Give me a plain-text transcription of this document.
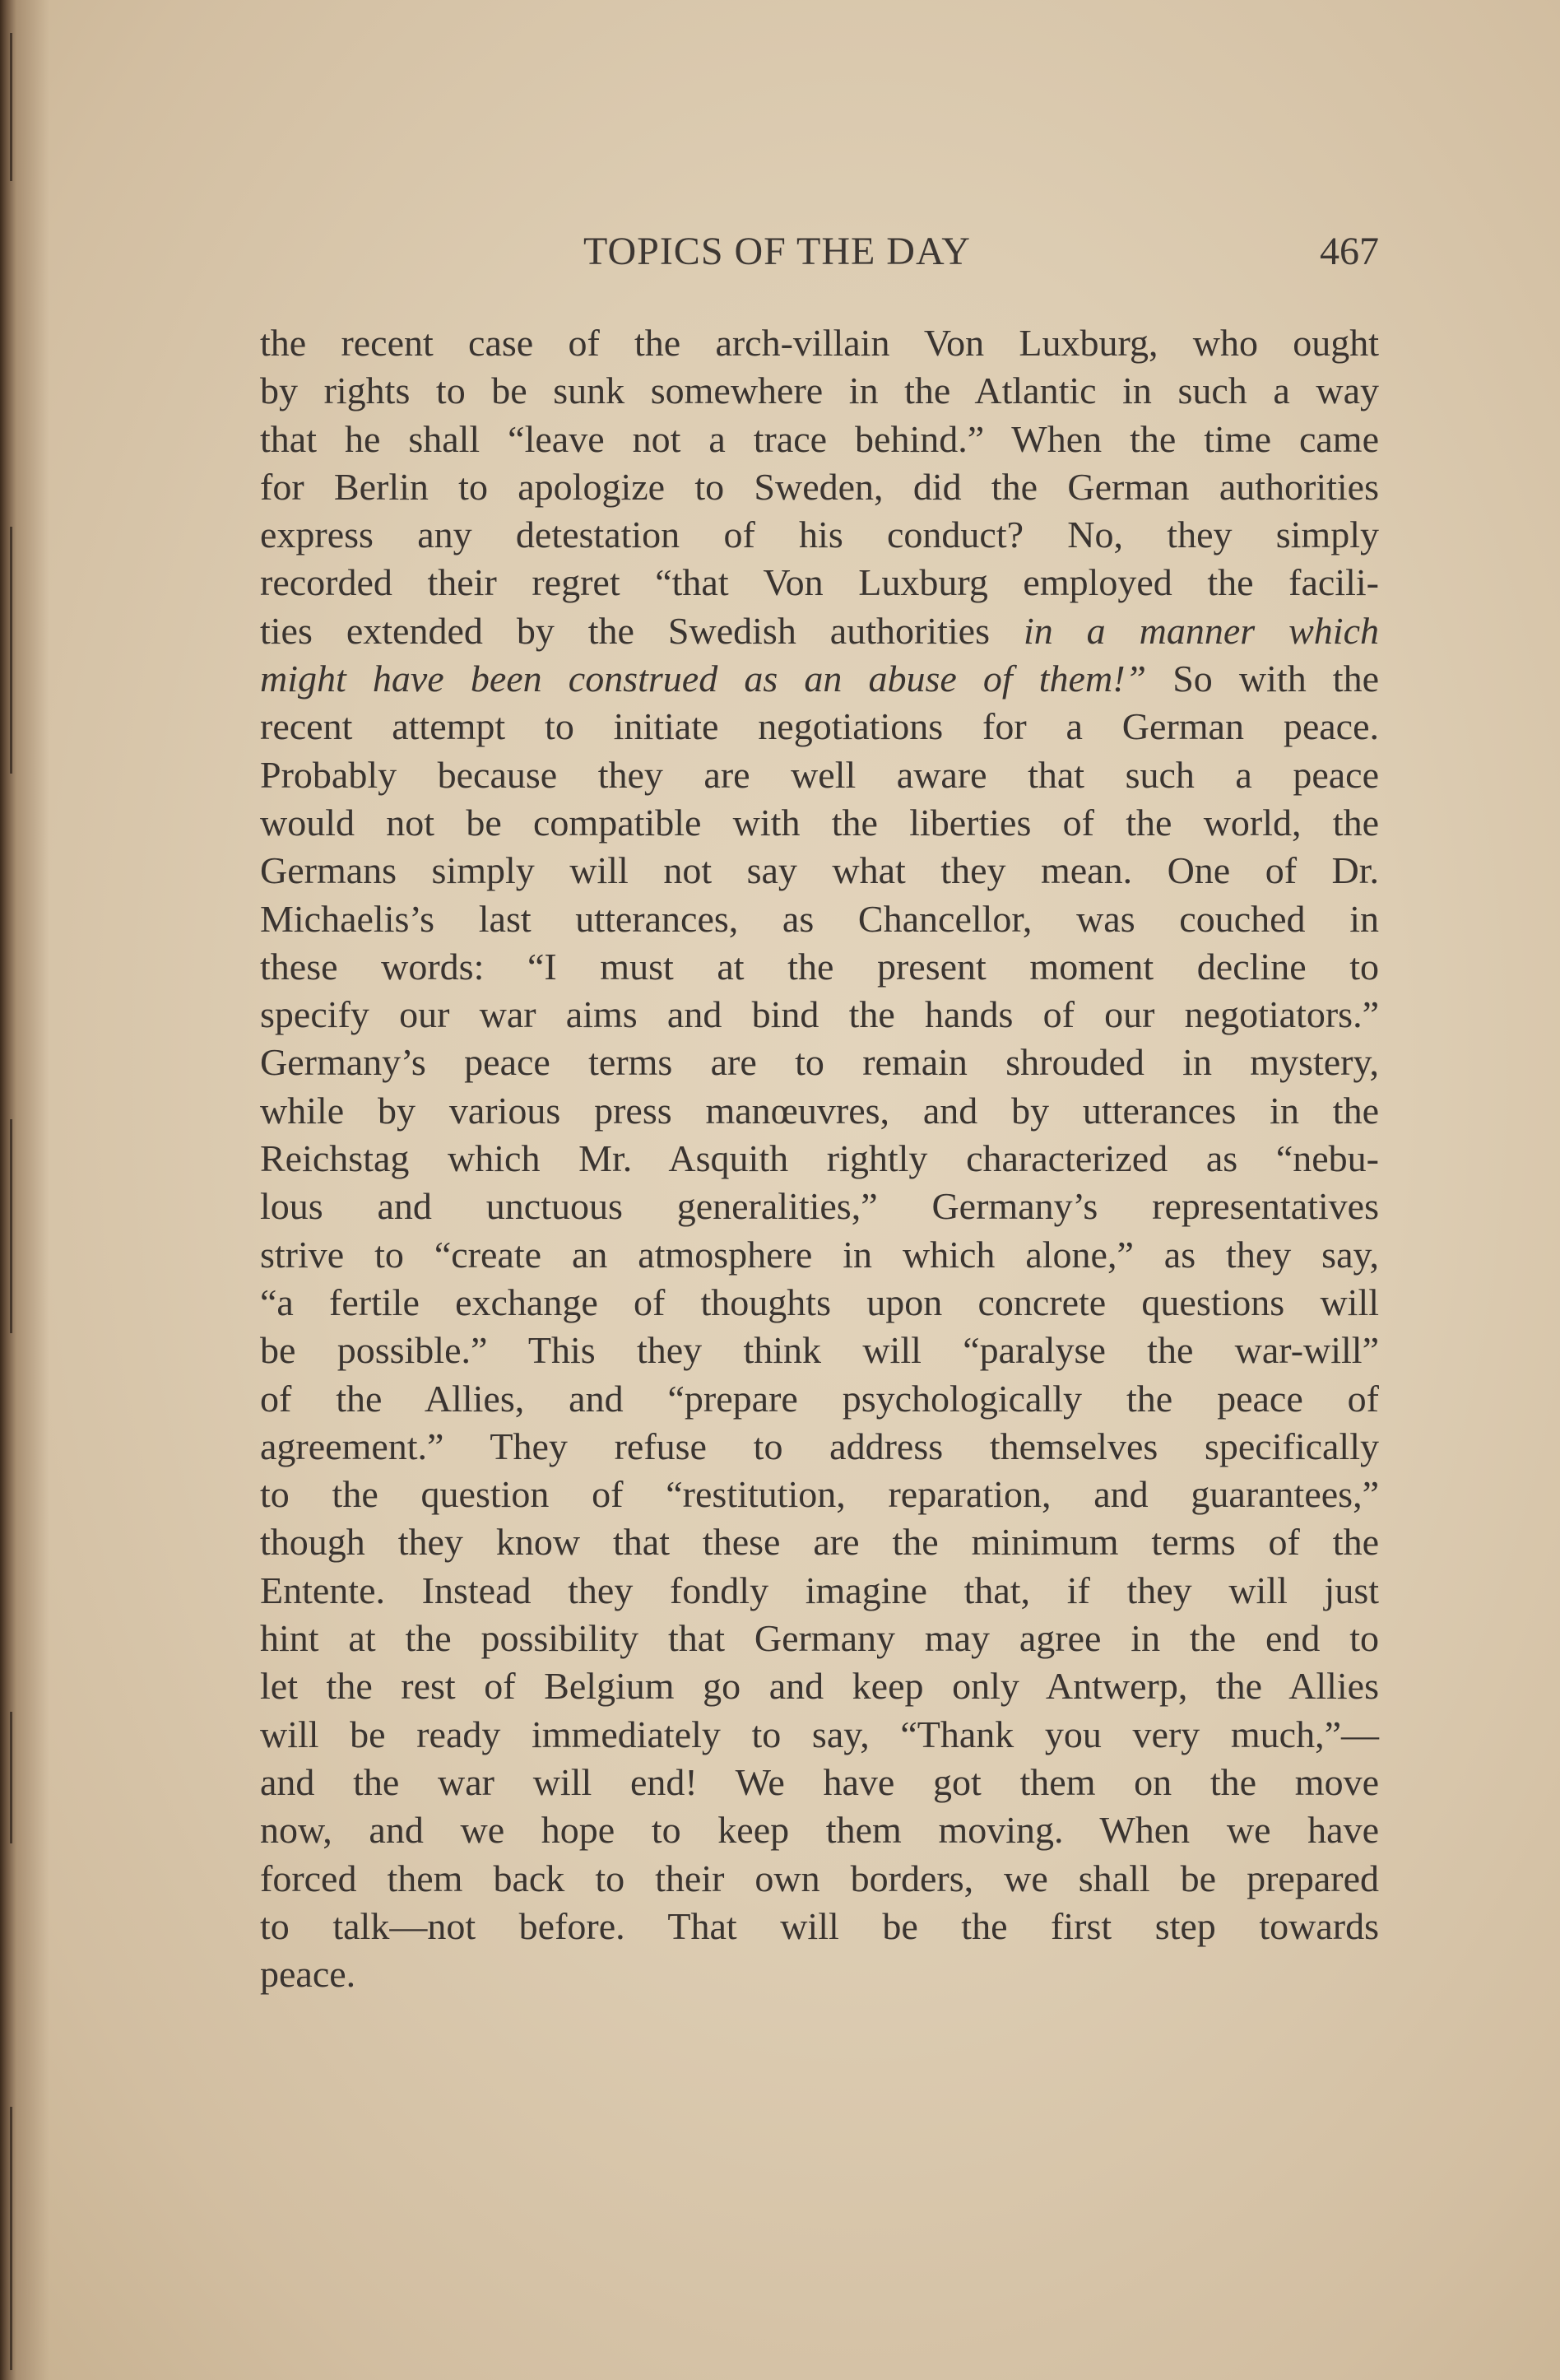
TOPICS OF THE DAY	467
the recent case of the arch-villain Von Luxburg, who ought
by rights to be sunk somewhere in the Atlantic in such a way
that he shall “leave not a trace behind.” When the time came
for Berlin to apologize to Sweden, did the German authorities
express any detestation of his conduct? No, they simply
recorded their regret “that Von Luxburg employed the facili-
ties extended by the Swedish authorities in a manner which
might have been construed as an abuse of them!” So with the
recent attempt to initiate negotiations for a German peace.
Probably because they are well aware that such a peace
would not be compatible with the liberties of the world, the
Germans simply will not say what they mean. One of Dr.
Michaelis’s last utterances, as Chancellor, was couched in
these words: “I must at the present moment decline to
specify our war aims and bind the hands of our negotiators.”
Germany’s peace terms are to remain shrouded in mystery,
while by various press manœuvres, and by utterances in the
Reichstag which Mr. Asquith rightly characterized as “nebu-
lous and unctuous generalities,” Germany’s representatives
strive to “create an atmosphere in which alone,” as they say,
“a fertile exchange of thoughts upon concrete questions will
be possible.” This they think will “paralyse the war-will”
of the Allies, and “prepare psychologically the peace of
agreement.” They refuse to address themselves specifically
to the question of “restitution, reparation, and guarantees,”
though they know that these are the minimum terms of the
Entente. Instead they fondly imagine that, if they will just
hint at the possibility that Germany may agree in the end to
let the rest of Belgium go and keep only Antwerp, the Allies
will be ready immediately to say, “Thank you very much,”—
and the war will end! We have got them on the move
now, and we hope to keep them moving. When we have
forced them back to their own borders, we shall be prepared
to talk—not before. That will be the first step towards
peace.
